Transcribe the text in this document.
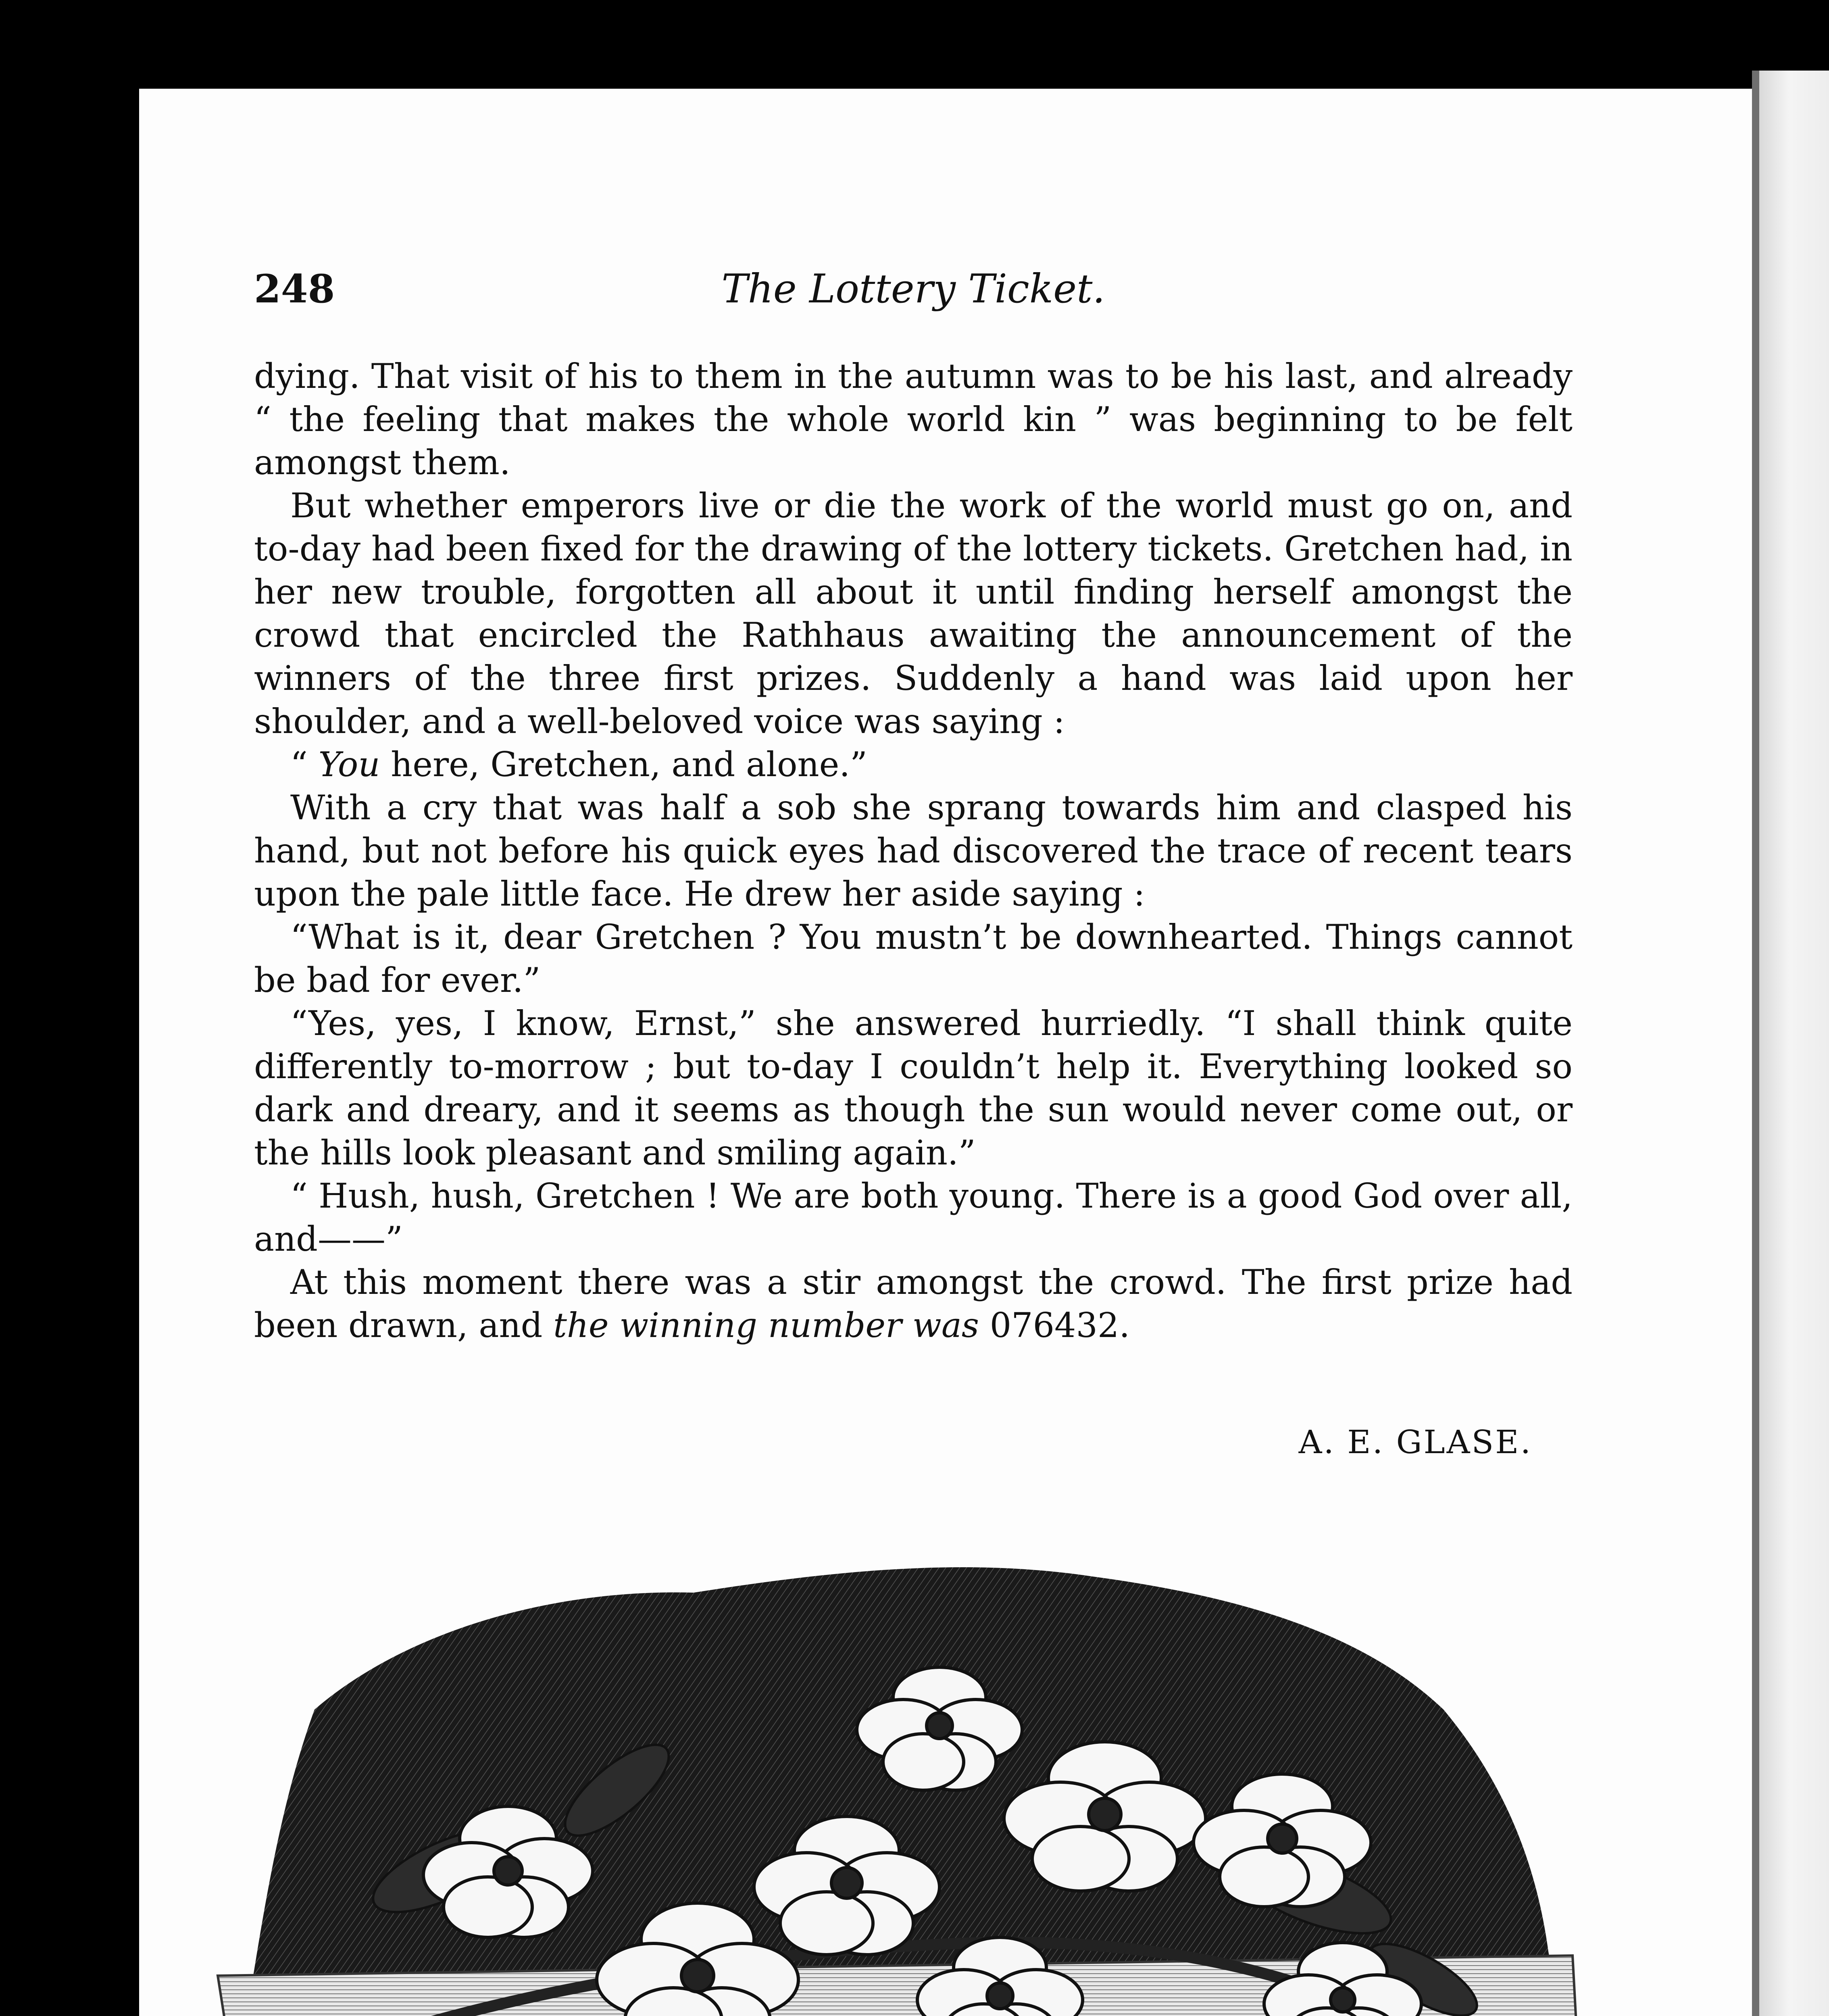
248	The Lottery Ticket.

dying. That visit of his to them in the autumn was to be his last, and already “ the feeling that makes the whole world kin ” was beginning to be felt amongst them.

But whether emperors live or die the work of the world must go on, and to-day had been fixed for the drawing of the lottery tickets. Gretchen had, in her new trouble, forgotten all about it until finding herself amongst the crowd that encircled the Rathhaus awaiting the announcement of the winners of the three first prizes. Suddenly a hand was laid upon her shoulder, and a well-beloved voice was saying :

“ You here, Gretchen, and alone.”

With a cry that was half a sob she sprang towards him and clasped his hand, but not before his quick eyes had discovered the trace of recent tears upon the pale little face. He drew her aside saying :

“What is it, dear Gretchen ? You mustn’t be downhearted. Things cannot be bad for ever.”

“Yes, yes, I know, Ernst,” she answered hurriedly. “I shall think quite differently to-morrow ; but to-day I couldn’t help it. Everything looked so dark and dreary, and it seems as though the sun would never come out, or the hills look pleasant and smiling again.”

“ Hush, hush, Gretchen ! We are both young. There is a good God over all, and——”

At this moment there was a stir amongst the crowd. The first prize had been drawn, and the winning number was 076432.

A. E. GLASE.
